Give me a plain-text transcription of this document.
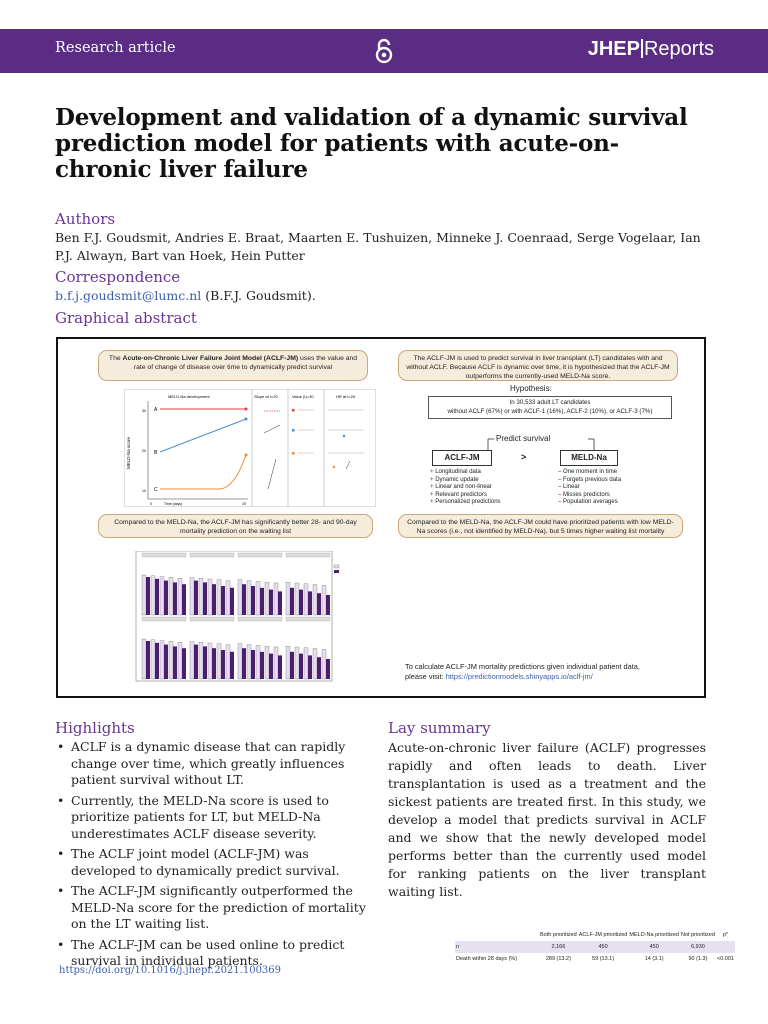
Research article	JHEP Reports
Development and validation of a dynamic survival prediction model for patients with acute-on-chronic liver failure
Authors
Ben F.J. Goudsmit, Andries E. Braat, Maarten E. Tushuizen, Minneke J. Coenraad, Serge Vogelaar, Ian P.J. Alwayn, Bart van Hoek, Hein Putter
Correspondence
b.f.j.goudsmit@lumc.nl (B.F.J. Goudsmit).
Graphical abstract
The Acute-on-Chronic Liver Failure Joint Model (ACLF-JM) uses the value and rate of change of disease over time to dynamically predict survival
MELD-Na development	Slope at t=20	Value (t)=30	HR at t=20
MELD-Na score
30
20
10
A
B
C
Time (days)
0	20
The ACLF-JM is used to predict survival in liver transplant (LT) candidates with and without ACLF. Because ACLF is dynamic over time, it is hypothesized that the ACLF-JM outperforms the currently-used MELD-Na score.
Hypothesis:
In 30,533 adult LT candidates
without ACLF (67%) or with ACLF-1 (16%), ACLF-2 (10%), or ACLF-3 (7%)
Predict survival
ACLF-JM	>	MELD-Na
+ Longitudinal data
+ Dynamic update
+ Linear and non-linear
+ Relevant predictors
+ Personalized predictions
– One moment in time
– Forgets previous data
– Linear
– Misses predictors
– Population averages
Compared to the MELD-Na, the ACLF-JM has significantly better 28- and 90-day mortality prediction on the waiting list
Compared to the MELD-Na, the ACLF-JM could have prioritized patients with low MELD-Na scores (i.e., not identified by MELD-Na), but 5 times higher waiting list mortality
	Both prioritized	ACLF-JM prioritized	MELD-Na prioritized	Not prioritized	p*
n	2,166	450	450	6,930	
Death within 28 days (%)	289 (13.2)	59 (13.1)	14 (3.1)	90 (1.3)	<0.001
To calculate ACLF-JM mortality predictions given individual patient data, please visit: https://predictionmodels.shinyapps.io/aclf-jm/
Highlights
• ACLF is a dynamic disease that can rapidly change over time, which greatly influences patient survival without LT.
• Currently, the MELD-Na score is used to prioritize patients for LT, but MELD-Na underestimates ACLF disease severity.
• The ACLF joint model (ACLF-JM) was developed to dynamically predict survival.
• The ACLF-JM significantly outperformed the MELD-Na score for the prediction of mortality on the LT waiting list.
• The ACLF-JM can be used online to predict survival in individual patients.
Lay summary
Acute-on-chronic liver failure (ACLF) progresses rapidly and often leads to death. Liver transplantation is used as a treatment and the sickest patients are treated first. In this study, we develop a model that predicts survival in ACLF and we show that the newly developed model performs better than the currently used model for ranking patients on the liver transplant waiting list.
https://doi.org/10.1016/j.jhepr.2021.100369
